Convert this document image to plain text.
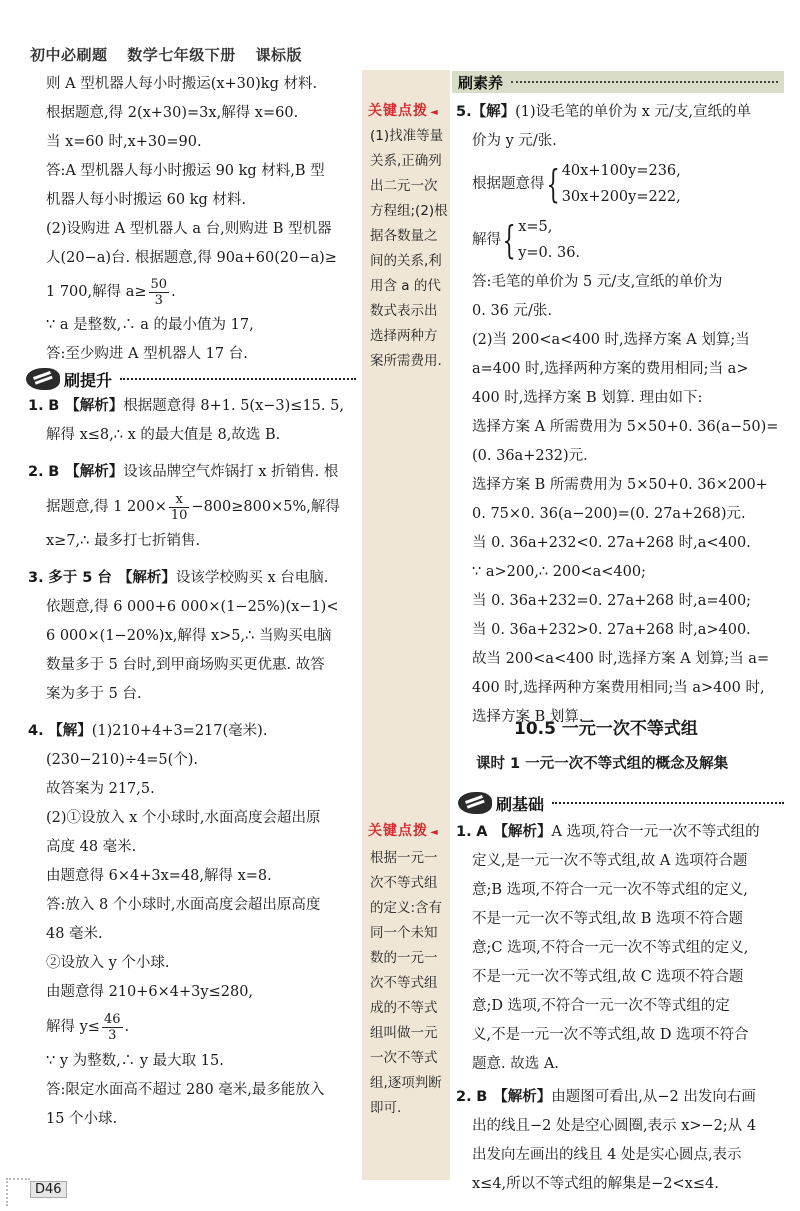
初中必刷题 数学七年级下册 课标版
则 A 型机器人每小时搬运(x+30)kg 材料.
根据题意,得 2(x+30)=3x,解得 x=60.
当 x=60 时,x+30=90.
答:A 型机器人每小时搬运 90 kg 材料,B 型
机器人每小时搬运 60 kg 材料.
(2)设购进 A 型机器人 a 台,则购进 B 型机器
人(20−a)台. 根据题意,得 90a+60(20−a)≥
1 700,解得 $a\ge \frac{50}{3}$ .
∵ a 是整数,∴ a 的最小值为 17,
答:至少购进 A 型机器人 17 台.
刷提升
1. B 【解析】根据题意得 8+1. 5(x−3)≤15. 5,
解得 x≤8,∴ x 的最大值是 8,故选 B.
2. B 【解析】设该品牌空气炸锅打 x 折销售. 根
据题意,得 1 $200\times \frac{x}{10} -800\ge 800\times 5\%$,解得
x≥7,∴ 最多打七折销售.
3. 多于 5 台 【解析】设该学校购买 x 台电脑.
依题意,得 6 000+6 000×(1−25%)(x−1)<
6 000×(1−20%)x,解得 x>5,∴ 当购买电脑
数量多于 5 台时,到甲商场购买更优惠. 故答
案为多于 5 台.
4. 【解】(1)210+4+3=217(毫米).
(230−210)÷4=5(个).
故答案为 217,5.
(2)①设放入 x 个小球时,水面高度会超出原
高度 48 毫米.
由题意得 6×4+3x=48,解得 x=8.
答:放入 8 个小球时,水面高度会超出原高度
48 毫米.
②设放入 y 个小球.
由题意得 210+6×4+3y≤280,
解得 $y\le \frac{46}{3}$ .
∵ y 为整数,∴ y 最大取 15.
答:限定水面高不超过 280 毫米,最多能放入
15 个小球.
关键点拨 ◄
(1)找准等量关系,正确列出二元一次方程组;(2)根据各数量之间的关系,利用含 a 的代数式表示出选择两种方案所需费用.
关键点拨 ◄
根据一元一次不等式组的定义:含有同一个未知数的一元一次不等式组成的不等式组叫做一元一次不等式组,逐项判断即可.
刷素养
5.【解】(1)设毛笔的单价为 x 元/支,宣纸的单
价为 y 元/张.
根据题意得 { 40x+100y=236,
30x+200y=222,
解得 { x=5,
y=0. 36.
答:毛笔的单价为 5 元/支,宣纸的单价为
0. 36 元/张.
(2)当 200<a<400 时,选择方案 A 划算;当
a=400 时,选择两种方案的费用相同;当 a>
400 时,选择方案 B 划算. 理由如下:
选择方案 A 所需费用为 5×50+0. 36(a−50)=
(0. 36a+232)元.
选择方案 B 所需费用为 5×50+0. 36×200+
0. 75×0. 36(a−200)=(0. 27a+268)元.
当 0. 36a+232<0. 27a+268 时,a<400.
∵ a>200,∴ 200<a<400;
当 0. 36a+232=0. 27a+268 时,a=400;
当 0. 36a+232>0. 27a+268 时,a>400.
故当 200<a<400 时,选择方案 A 划算;当 a=
400 时,选择两种方案费用相同;当 a>400 时,
选择方案 B 划算.
10.5 一元一次不等式组
课时 1 一元一次不等式组的概念及解集
刷基础
1. A 【解析】A 选项,符合一元一次不等式组的
定义,是一元一次不等式组,故 A 选项符合题
意;B 选项,不符合一元一次不等式组的定义,
不是一元一次不等式组,故 B 选项不符合题
意;C 选项,不符合一元一次不等式组的定义,
不是一元一次不等式组,故 C 选项不符合题
意;D 选项,不符合一元一次不等式组的定
义,不是一元一次不等式组,故 D 选项不符合
题意. 故选 A.
2. B 【解析】由题图可看出,从−2 出发向右画
出的线且−2 处是空心圆圈,表示 x>−2;从 4
出发向左画出的线且 4 处是实心圆点,表示
x≤4,所以不等式组的解集是−2<x≤4.
D46
